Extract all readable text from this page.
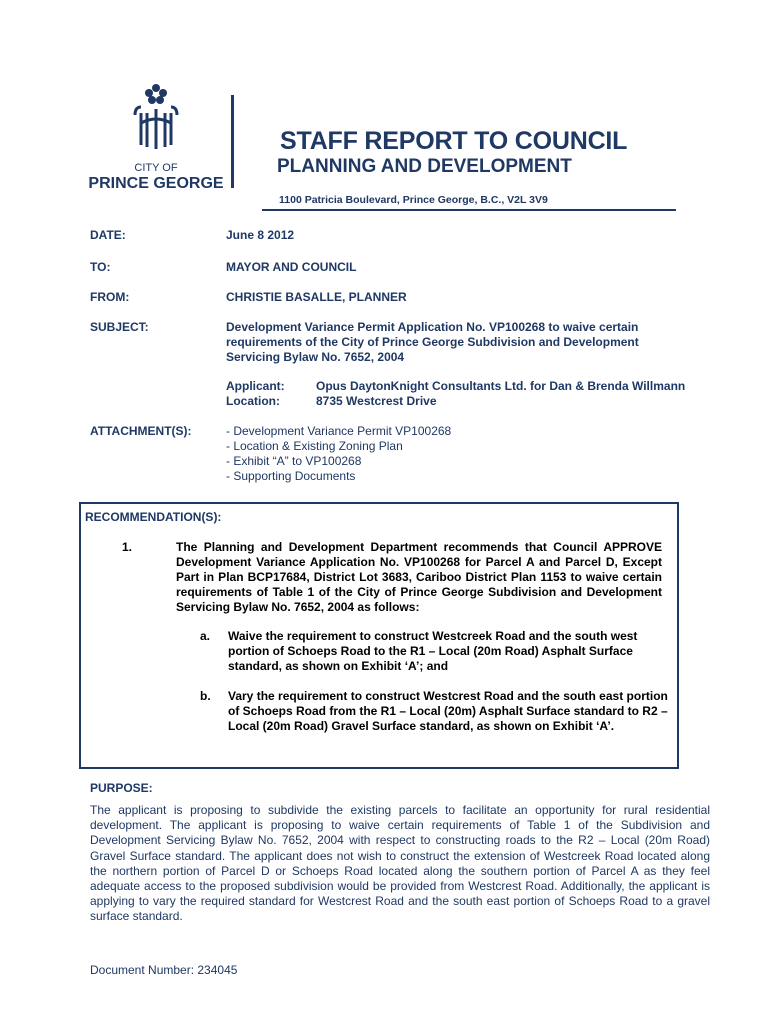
CITY OF
PRINCE GEORGE
STAFF REPORT TO COUNCIL
PLANNING AND DEVELOPMENT
1100 Patricia Boulevard, Prince George, B.C., V2L 3V9
DATE:	June 8 2012
TO:	MAYOR AND COUNCIL
FROM:	CHRISTIE BASALLE, PLANNER
SUBJECT:	Development Variance Permit Application No. VP100268 to waive certain requirements of the City of Prince George Subdivision and Development Servicing Bylaw No. 7652, 2004
Applicant:	Opus DaytonKnight Consultants Ltd. for Dan & Brenda Willmann
Location:	8735 Westcrest Drive
ATTACHMENT(S):	- Development Variance Permit VP100268
- Location & Existing Zoning Plan
- Exhibit “A” to VP100268
- Supporting Documents
RECOMMENDATION(S):
1.	The Planning and Development Department recommends that Council APPROVE Development Variance Application No. VP100268 for Parcel A and Parcel D, Except Part in Plan BCP17684, District Lot 3683, Cariboo District Plan 1153 to waive certain requirements of Table 1 of the City of Prince George Subdivision and Development Servicing Bylaw No. 7652, 2004 as follows:
a. Waive the requirement to construct Westcreek Road and the south west portion of Schoeps Road to the R1 – Local (20m Road) Asphalt Surface standard, as shown on Exhibit ‘A’; and
b. Vary the requirement to construct Westcrest Road and the south east portion of Schoeps Road from the R1 – Local (20m) Asphalt Surface standard to R2 – Local (20m Road) Gravel Surface standard, as shown on Exhibit ‘A’.
PURPOSE:
The applicant is proposing to subdivide the existing parcels to facilitate an opportunity for rural residential development. The applicant is proposing to waive certain requirements of Table 1 of the Subdivision and Development Servicing Bylaw No. 7652, 2004 with respect to constructing roads to the R2 – Local (20m Road) Gravel Surface standard. The applicant does not wish to construct the extension of Westcreek Road located along the northern portion of Parcel D or Schoeps Road located along the southern portion of Parcel A as they feel adequate access to the proposed subdivision would be provided from Westcrest Road. Additionally, the applicant is applying to vary the required standard for Westcrest Road and the south east portion of Schoeps Road to a gravel surface standard.
Document Number: 234045
